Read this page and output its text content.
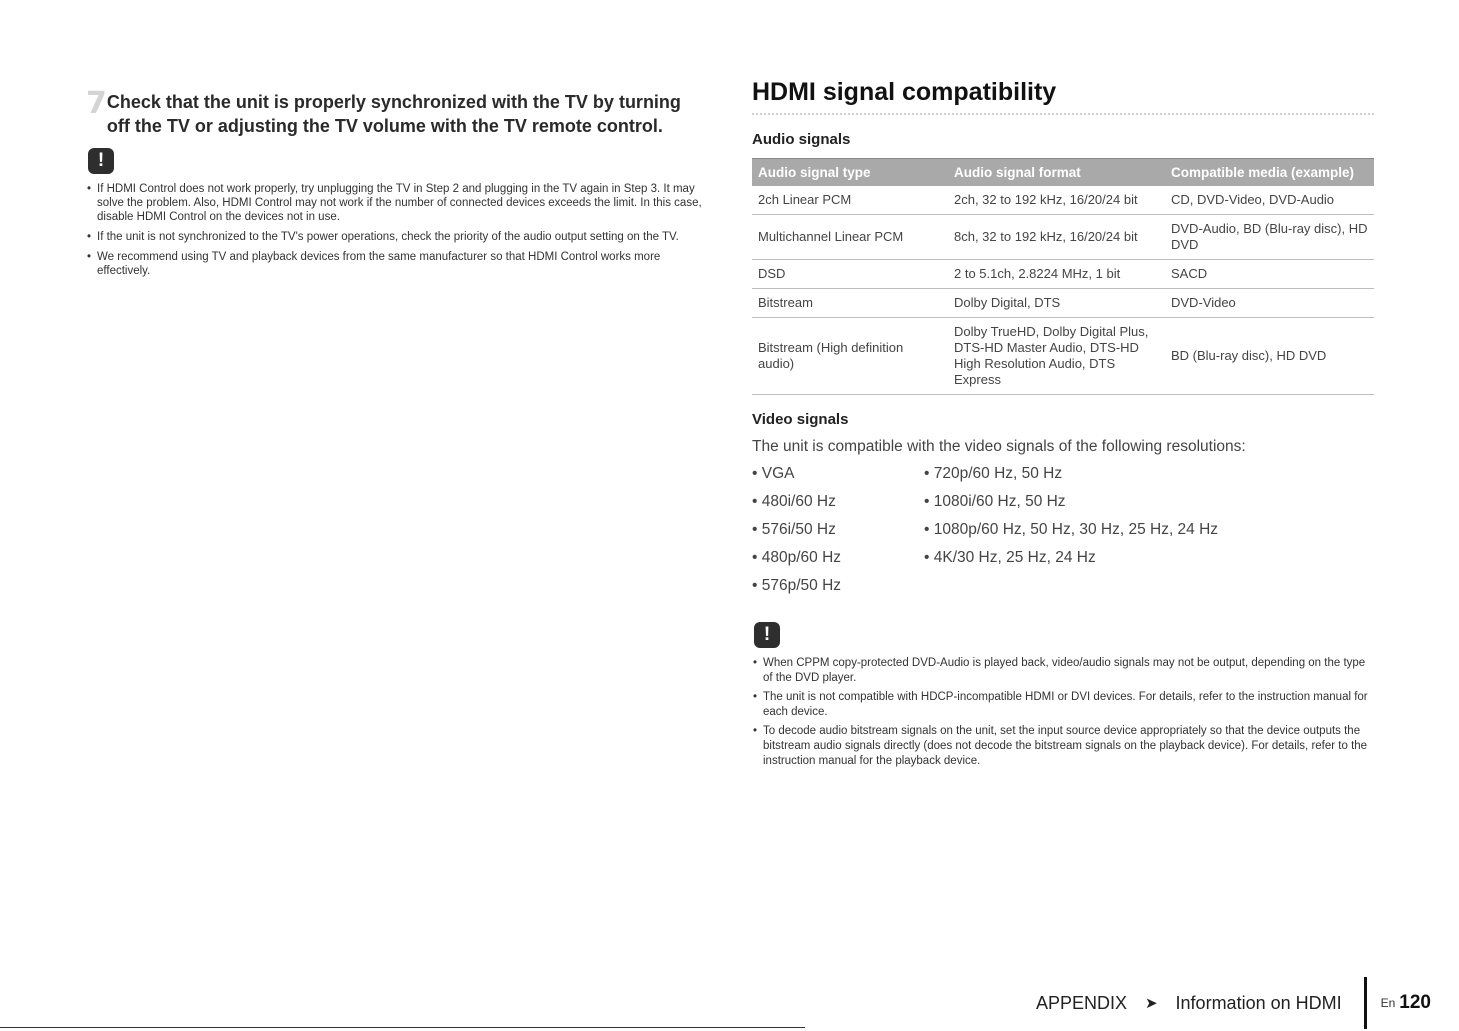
7 Check that the unit is properly synchronized with the TV by turning off the TV or adjusting the TV volume with the TV remote control.
!
• If HDMI Control does not work properly, try unplugging the TV in Step 2 and plugging in the TV again in Step 3. It may solve the problem. Also, HDMI Control may not work if the number of connected devices exceeds the limit. In this case, disable HDMI Control on the devices not in use.
• If the unit is not synchronized to the TV's power operations, check the priority of the audio output setting on the TV.
• We recommend using TV and playback devices from the same manufacturer so that HDMI Control works more effectively.
HDMI signal compatibility
Audio signals
Audio signal type	Audio signal format	Compatible media (example)
2ch Linear PCM	2ch, 32 to 192 kHz, 16/20/24 bit	CD, DVD-Video, DVD-Audio
Multichannel Linear PCM	8ch, 32 to 192 kHz, 16/20/24 bit	DVD-Audio, BD (Blu-ray disc), HD DVD
DSD	2 to 5.1ch, 2.8224 MHz, 1 bit	SACD
Bitstream	Dolby Digital, DTS	DVD-Video
Bitstream (High definition audio)	Dolby TrueHD, Dolby Digital Plus, DTS-HD Master Audio, DTS-HD High Resolution Audio, DTS Express	BD (Blu-ray disc), HD DVD
Video signals
The unit is compatible with the video signals of the following resolutions:
• VGA	• 720p/60 Hz, 50 Hz
• 480i/60 Hz	• 1080i/60 Hz, 50 Hz
• 576i/50 Hz	• 1080p/60 Hz, 50 Hz, 30 Hz, 25 Hz, 24 Hz
• 480p/60 Hz	• 4K/30 Hz, 25 Hz, 24 Hz
• 576p/50 Hz
!
• When CPPM copy-protected DVD-Audio is played back, video/audio signals may not be output, depending on the type of the DVD player.
• The unit is not compatible with HDCP-incompatible HDMI or DVI devices. For details, refer to the instruction manual for each device.
• To decode audio bitstream signals on the unit, set the input source device appropriately so that the device outputs the bitstream audio signals directly (does not decode the bitstream signals on the playback device). For details, refer to the instruction manual for the playback device.
APPENDIX ➤ Information on HDMI	En 120
